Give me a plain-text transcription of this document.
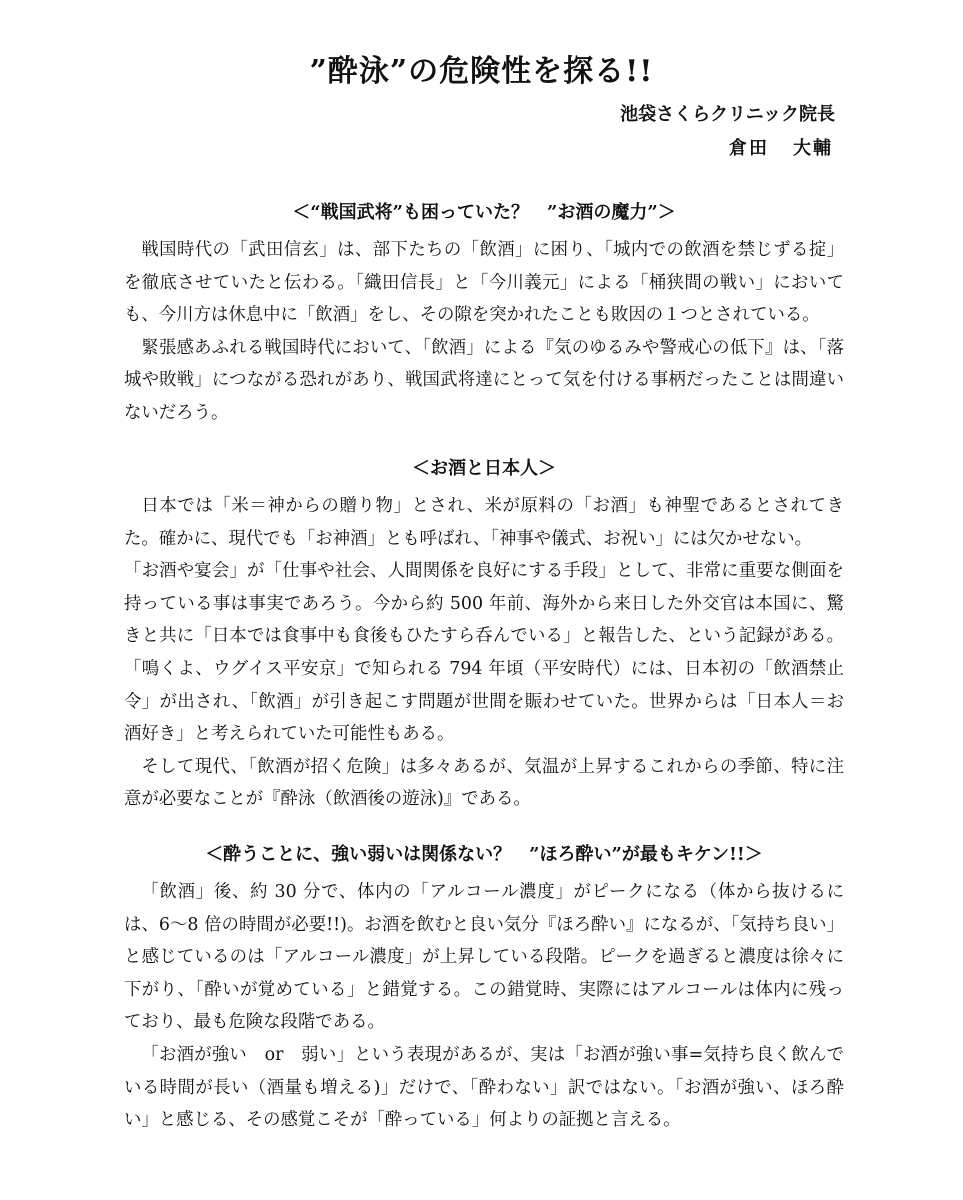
”酔泳”の危険性を探る!!

池袋さくらクリニック院長

倉田 大輔

＜“戦国武将”も困っていた？　”お酒の魔力”＞

戦国時代の「武田信玄」は、部下たちの「飲酒」に困り、「城内での飲酒を禁じずる掟」を徹底させていたと伝わる。「織田信長」と「今川義元」による「桶狭間の戦い」においても、今川方は休息中に「飲酒」をし、その隙を突かれたことも敗因の１つとされている。

緊張感あふれる戦国時代において、「飲酒」による『気のゆるみや警戒心の低下』は、「落城や敗戦」につながる恐れがあり、戦国武将達にとって気を付ける事柄だったことは間違いないだろう。

＜お酒と日本人＞

日本では「米＝神からの贈り物」とされ、米が原料の「お酒」も神聖であるとされてきた。確かに、現代でも「お神酒」とも呼ばれ、「神事や儀式、お祝い」には欠かせない。

「お酒や宴会」が「仕事や社会、人間関係を良好にする手段」として、非常に重要な側面を持っている事は事実であろう。今から約 500 年前、海外から来日した外交官は本国に、驚きと共に「日本では食事中も食後もひたすら呑んでいる」と報告した、という記録がある。「鳴くよ、ウグイス平安京」で知られる 794 年頃（平安時代）には、日本初の「飲酒禁止令」が出され、「飲酒」が引き起こす問題が世間を賑わせていた。世界からは「日本人＝お酒好き」と考えられていた可能性もある。

そして現代、「飲酒が招く危険」は多々あるが、気温が上昇するこれからの季節、特に注意が必要なことが『酔泳（飲酒後の遊泳)』である。

＜酔うことに、強い弱いは関係ない？　”ほろ酔い”が最もキケン!!＞

「飲酒」後、約 30 分で、体内の「アルコール濃度」がピークになる（体から抜けるには、6～8 倍の時間が必要!!)。お酒を飲むと良い気分『ほろ酔い』になるが、「気持ち良い」と感じているのは「アルコール濃度」が上昇している段階。ピークを過ぎると濃度は徐々に下がり、「酔いが覚めている」と錯覚する。この錯覚時、実際にはアルコールは体内に残っており、最も危険な段階である。

「お酒が強い　or　弱い」という表現があるが、実は「お酒が強い事=気持ち良く飲んでいる時間が長い（酒量も増える)」だけで、「酔わない」訳ではない。「お酒が強い、ほろ酔い」と感じる、その感覚こそが「酔っている」何よりの証拠と言える。
